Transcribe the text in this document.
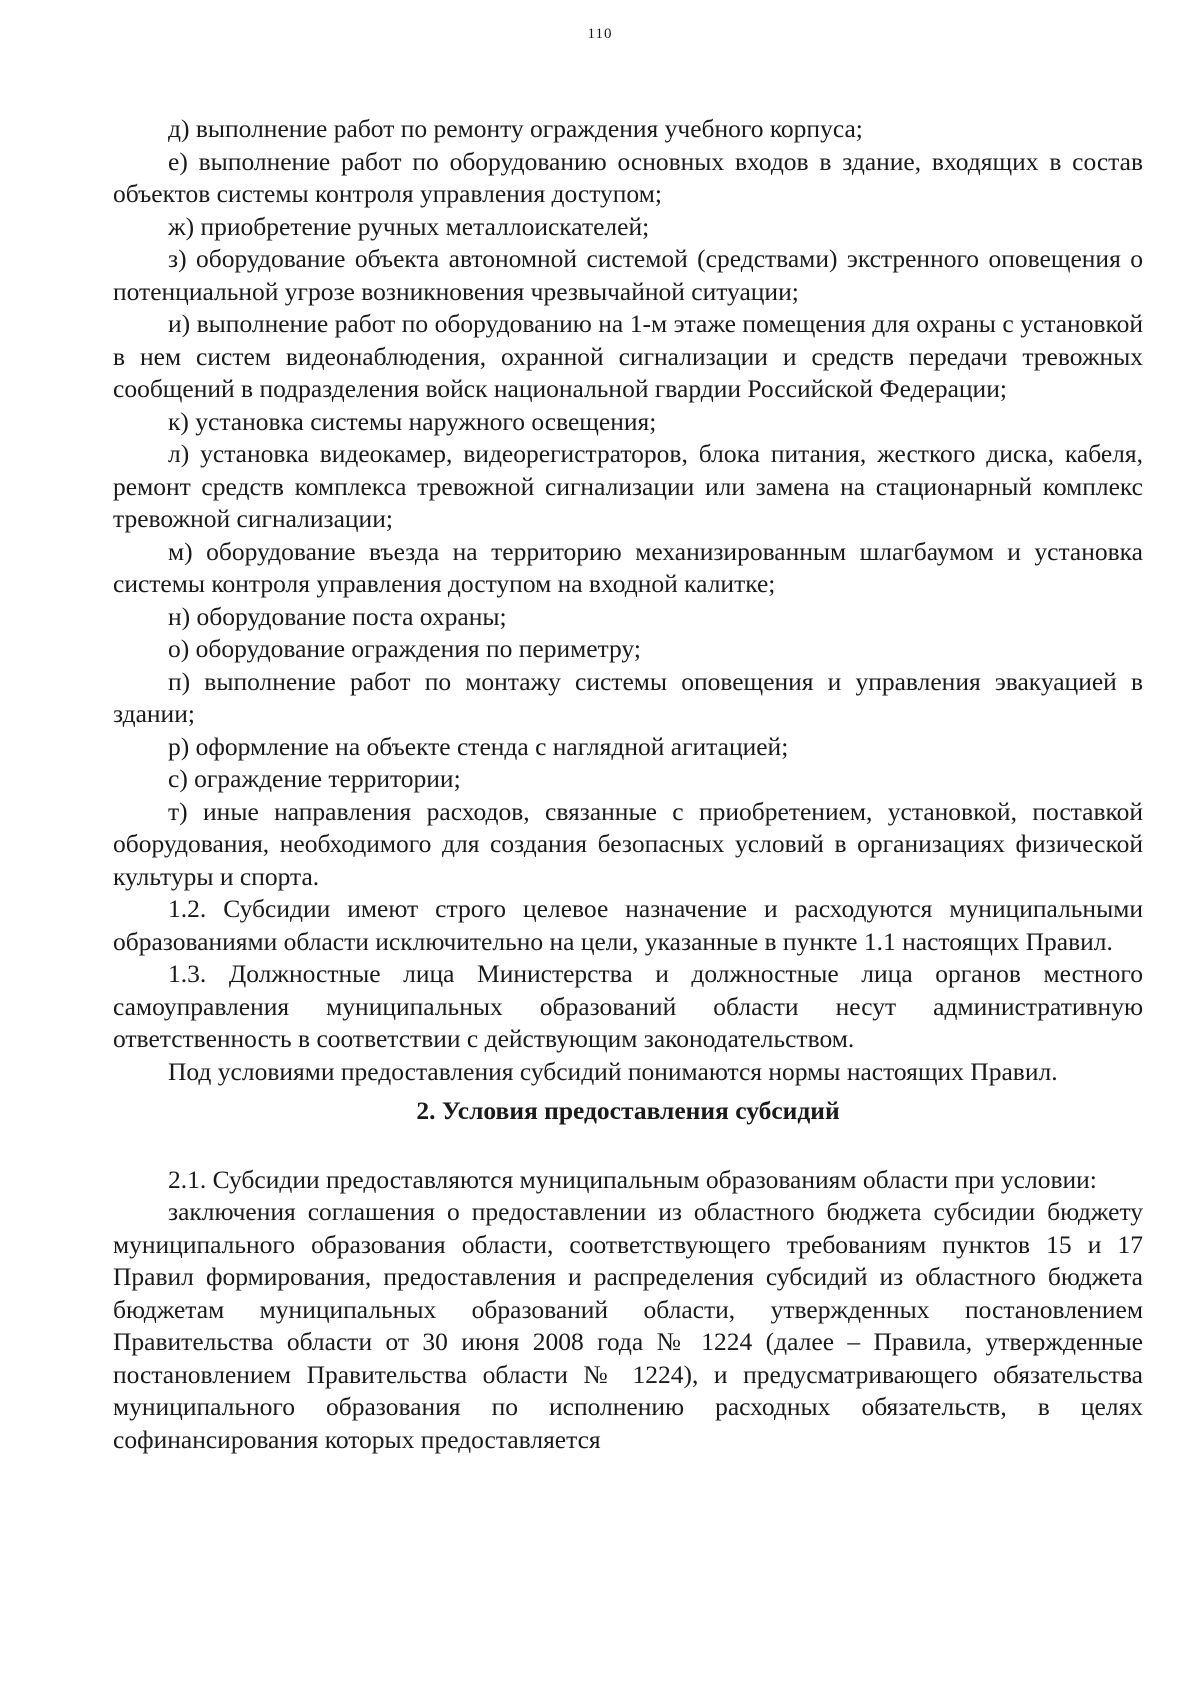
110

д) выполнение работ по ремонту ограждения учебного корпуса;

е) выполнение работ по оборудованию основных входов в здание, входящих в состав объектов системы контроля управления доступом;

ж) приобретение ручных металлоискателей;

з) оборудование объекта автономной системой (средствами) экстренного оповещения о потенциальной угрозе возникновения чрезвычайной ситуации;

и) выполнение работ по оборудованию на 1-м этаже помещения для охраны с установкой в нем систем видеонаблюдения, охранной сигнализации и средств передачи тревожных сообщений в подразделения войск национальной гвардии Российской Федерации;

к) установка системы наружного освещения;

л) установка видеокамер, видеорегистраторов, блока питания, жесткого диска, кабеля, ремонт средств комплекса тревожной сигнализации или замена на стационарный комплекс тревожной сигнализации;

м) оборудование въезда на территорию механизированным шлагбаумом и установка системы контроля управления доступом на входной калитке;

н) оборудование поста охраны;

о) оборудование ограждения по периметру;

п) выполнение работ по монтажу системы оповещения и управления эвакуацией в здании;

р) оформление на объекте стенда с наглядной агитацией;

с) ограждение территории;

т) иные направления расходов, связанные с приобретением, установкой, поставкой оборудования, необходимого для создания безопасных условий в организациях физической культуры и спорта.

1.2. Субсидии имеют строго целевое назначение и расходуются муниципальными образованиями области исключительно на цели, указанные в пункте 1.1 настоящих Правил.

1.3. Должностные лица Министерства и должностные лица органов местного самоуправления муниципальных образований области несут административную ответственность в соответствии с действующим законодательством.

Под условиями предоставления субсидий понимаются нормы настоящих Правил.

2. Условия предоставления субсидий

2.1. Субсидии предоставляются муниципальным образованиям области при условии:

заключения соглашения о предоставлении из областного бюджета субсидии бюджету муниципального образования области, соответствующего требованиям пунктов 15 и 17 Правил формирования, предоставления и распределения субсидий из областного бюджета бюджетам муниципальных образований области, утвержденных постановлением Правительства области от 30 июня 2008 года № 1224 (далее – Правила, утвержденные постановлением Правительства области № 1224), и предусматривающего обязательства муниципального образования по исполнению расходных обязательств, в целях софинансирования которых предоставляется
